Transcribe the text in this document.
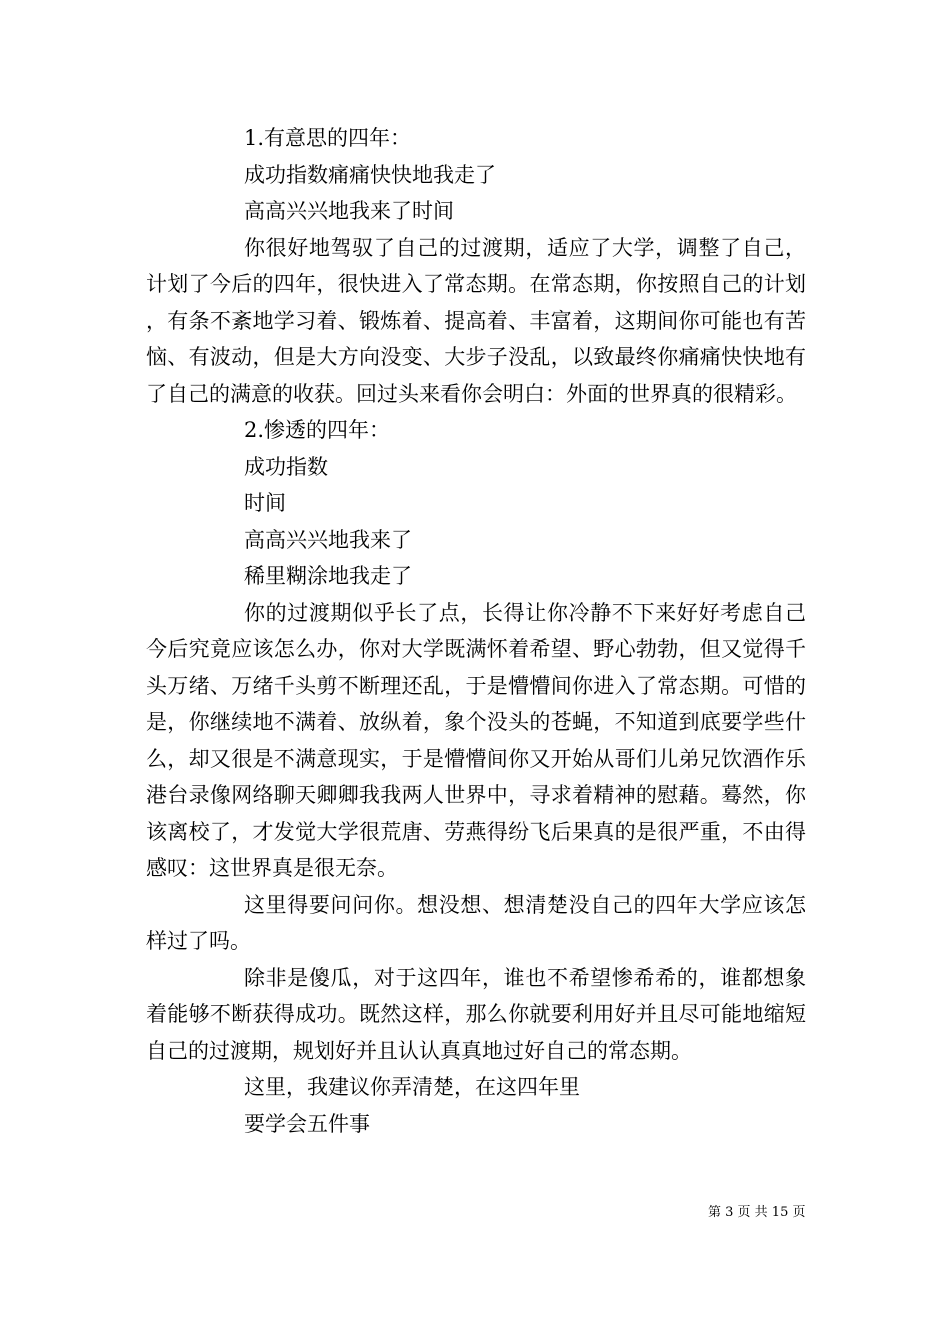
1.有意思的四年：
成功指数痛痛快快地我走了
高高兴兴地我来了时间

你很好地驾驭了自己的过渡期，适应了大学，调整了自己，计划了今后的四年，很快进入了常态期。在常态期，你按照自己的计划，有条不紊地学习着、锻炼着、提高着、丰富着，这期间你可能也有苦恼、有波动，但是大方向没变、大步子没乱，以致最终你痛痛快快地有了自己的满意的收获。回过头来看你会明白：外面的世界真的很精彩。

2.惨透的四年：
成功指数
时间
高高兴兴地我来了
稀里糊涂地我走了

你的过渡期似乎长了点，长得让你冷静不下来好好考虑自己今后究竟应该怎么办，你对大学既满怀着希望、野心勃勃，但又觉得千头万绪、万绪千头剪不断理还乱，于是懵懵间你进入了常态期。可惜的是，你继续地不满着、放纵着，象个没头的苍蝇，不知道到底要学些什么，却又很是不满意现实，于是懵懵间你又开始从哥们儿弟兄饮酒作乐港台录像网络聊天卿卿我我两人世界中，寻求着精神的慰藉。蓦然，你该离校了，才发觉大学很荒唐、劳燕得纷飞后果真的是很严重，不由得感叹：这世界真是很无奈。

这里得要问问你。想没想、想清楚没自己的四年大学应该怎样过了吗。

除非是傻瓜，对于这四年，谁也不希望惨希希的，谁都想象着能够不断获得成功。既然这样，那么你就要利用好并且尽可能地缩短自己的过渡期，规划好并且认认真真地过好自己的常态期。

这里，我建议你弄清楚，在这四年里
要学会五件事
第 3 页 共 15 页
